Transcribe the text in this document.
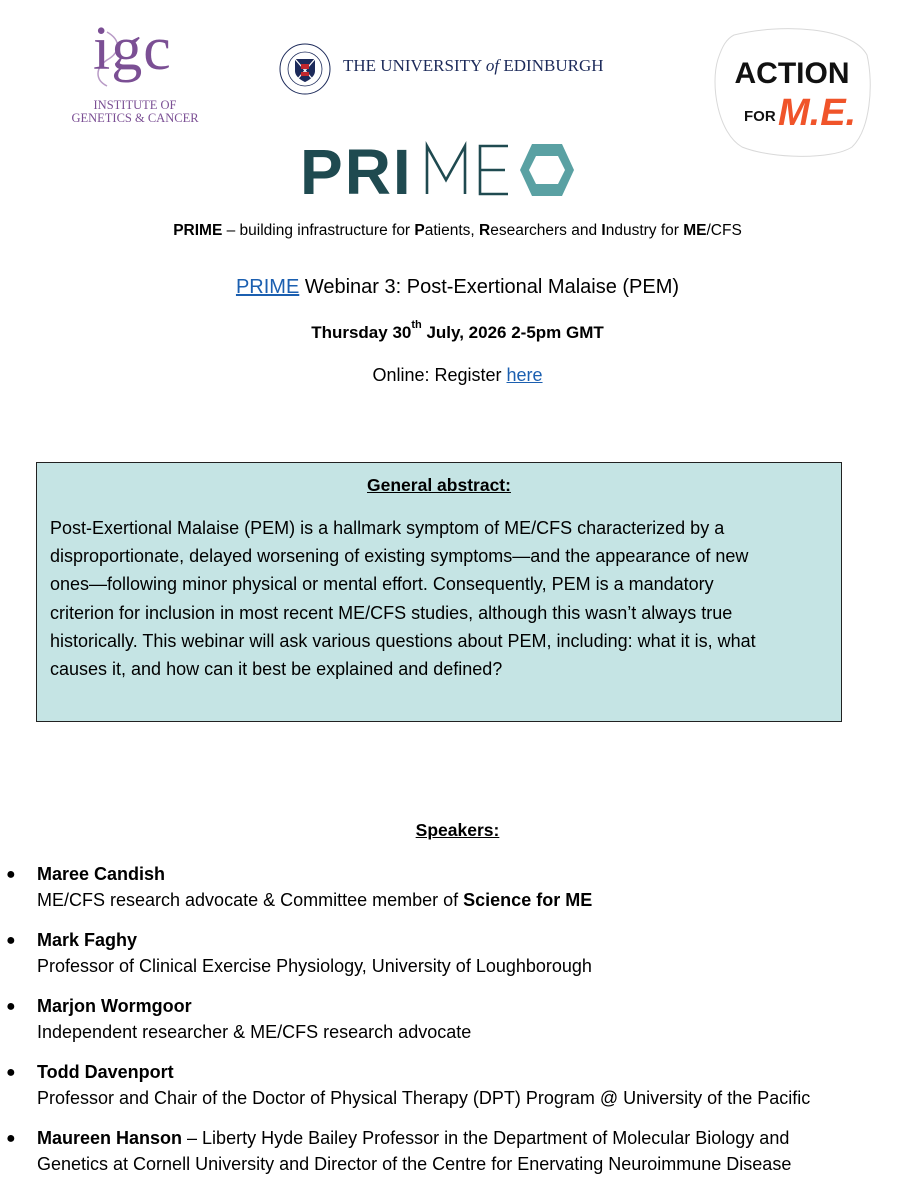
igc
INSTITUTE OF
GENETICS & CANCER
THE UNIVERSITY of EDINBURGH	ACTION
FOR M.E.
PRI
PRIME – building infrastructure for Patients, Researchers and Industry for ME/CFS
PRIME Webinar 3: Post-Exertional Malaise (PEM)
Thursday 30th July, 2026 2-5pm GMT
Online: Register here
General abstract:
Post-Exertional Malaise (PEM) is a hallmark symptom of ME/CFS characterized by a
disproportionate, delayed worsening of existing symptoms—and the appearance of new
ones—following minor physical or mental effort. Consequently, PEM is a mandatory
criterion for inclusion in most recent ME/CFS studies, although this wasn’t always true
historically. This webinar will ask various questions about PEM, including: what it is, what
causes it, and how can it best be explained and defined?
Speakers:
● Maree Candish
ME/CFS research advocate & Committee member of Science for ME
● Mark Faghy
Professor of Clinical Exercise Physiology, University of Loughborough
● Marjon Wormgoor
Independent researcher & ME/CFS research advocate
● Todd Davenport
Professor and Chair of the Doctor of Physical Therapy (DPT) Program @ University of the Pacific
● Maureen Hanson – Liberty Hyde Bailey Professor in the Department of Molecular Biology and
Genetics at Cornell University and Director of the Centre for Enervating Neuroimmune Disease
